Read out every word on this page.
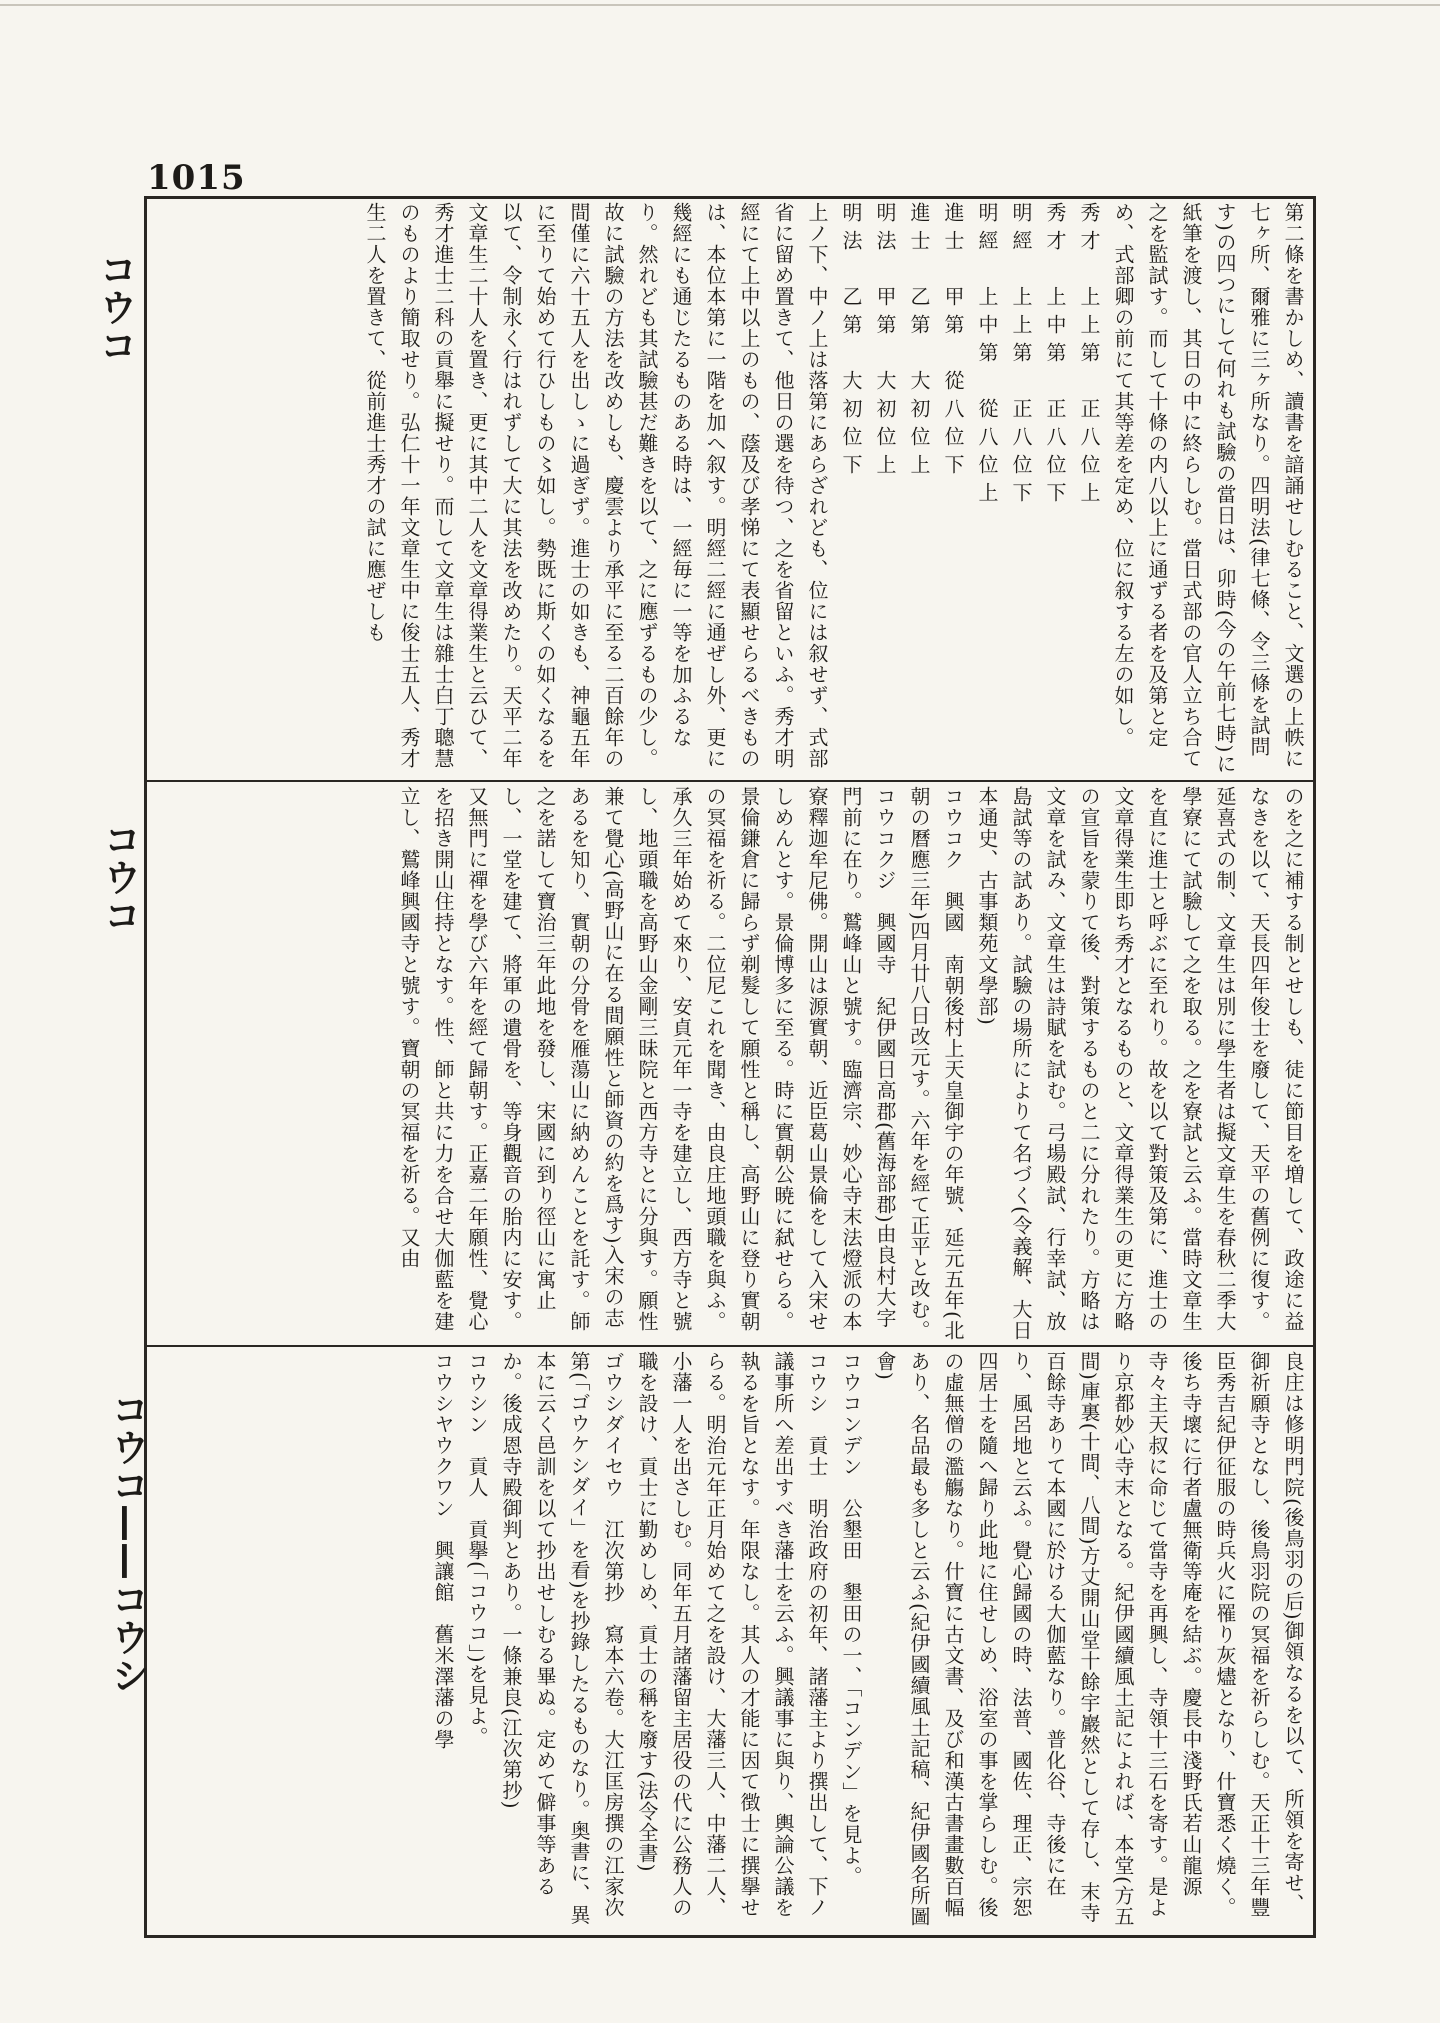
1015
コウコ
コウコ
コウコ——コウシ

第二條を書かしめ、讀書を諳誦せしむること、文選の上帙に七ヶ所、爾雅に三ヶ所なり。四明法(律七條、令三條を試問す)の四つにして何れも試驗の當日は、卯時(今の午前七時)に紙筆を渡し、其日の中に終らしむ。當日式部の官人立ち合て之を監試す。而して十條の内八以上に通ずる者を及第と定め、式部卿の前にて其等差を定め、位に叙する左の如し。

秀才　上上第　正八位上

秀才　上中第　正八位下

明經　上上第　正八位下

明經　上中第　從八位上

進士　甲第　從八位下

進士　乙第　大初位上

明法　甲第　大初位上

明法　乙第　大初位下

上ノ下、中ノ上は落第にあらざれども、位には叙せず、式部省に留め置きて、他日の選を待つ、之を省留といふ。秀才明經にて上中以上のもの、蔭及び孝悌にて表顯せらるべきものは、本位本第に一階を加へ叙す。明經二經に通ぜし外、更に幾經にも通じたるものある時は、一經毎に一等を加ふるなり。然れども其試驗甚だ難きを以て、之に應ずるもの少し。故に試驗の方法を改めしも、慶雲より承平に至る二百餘年の間僅に六十五人を出しゝに過ぎず。進士の如きも、神龜五年に至りて始めて行ひしもの〻如し。勢既に斯くの如くなるを以て、令制永く行はれずして大に其法を改めたり。天平二年文章生二十人を置き、更に其中二人を文章得業生と云ひて、秀才進士二科の貢舉に擬せり。而して文章生は雜士白丁聰慧のものより簡取せり。弘仁十一年文章生中に俊士五人、秀才生二人を置きて、從前進士秀才の試に應ぜしも

のを之に補する制とせしも、徒に節目を増して、政途に益なきを以て、天長四年俊士を廢して、天平の舊例に復す。延喜式の制、文章生は別に學生者は擬文章生を春秋二季大學寮にて試驗して之を取る。之を寮試と云ふ。當時文章生を直に進士と呼ぶに至れり。故を以て對策及第に、進士の文章得業生即ち秀才となるものと、文章得業生の更に方略の宣旨を蒙りて後、對策するものと二に分れたり。方略は文章を試み、文章生は詩賦を試む。弓場殿試、行幸試、放島試等の試あり。試驗の場所によりて名づく(令義解、大日本通史、古事類苑文學部)

コウコク　興國　南朝後村上天皇御宇の年號、延元五年(北朝の曆應三年)四月廿八日改元す。六年を經て正平と改む。

コウコクジ　興國寺　紀伊國日高郡(舊海部郡)由良村大字門前に在り。鷲峰山と號す。臨濟宗、妙心寺末法燈派の本寮釋迦牟尼佛。開山は源實朝、近臣葛山景倫をして入宋せしめんとす。景倫博多に至る。時に實朝公暁に弑せらる。景倫鎌倉に歸らず剃髮して願性と稱し、高野山に登り實朝の冥福を祈る。二位尼これを聞き、由良庄地頭職を與ふ。承久三年始めて來り、安貞元年一寺を建立し、西方寺と號し、地頭職を高野山金剛三昧院と西方寺とに分與す。願性兼て覺心(高野山に在る間願性と師資の約を爲す)入宋の志あるを知り、實朝の分骨を雁蕩山に納めんことを託す。師之を諾して寶治三年此地を發し、宋國に到り徑山に寓止し、一堂を建て、將軍の遺骨を、等身觀音の胎内に安す。又無門に禪を學び六年を經て歸朝す。正嘉二年願性、覺心を招き開山住持となす。性、師と共に力を合せ大伽藍を建立し、鷲峰興國寺と號す。寶朝の冥福を祈る。又由

良庄は修明門院(後鳥羽の后)御領なるを以て、所領を寄せ、御祈願寺となし、後鳥羽院の冥福を祈らしむ。天正十三年豐臣秀吉紀伊征服の時兵火に罹り灰燼となり、什寶悉く燒く。後ち寺壞に行者盧無衛等庵を結ぶ。慶長中淺野氏若山龍源寺々主天叔に命じて當寺を再興し、寺領十三石を寄す。是より京都妙心寺末となる。紀伊國續風土記によれば、本堂(方五間)庫裏(十間、八間)方丈開山堂十餘宇巖然として存し、末寺百餘寺ありて本國に於ける大伽藍なり。普化谷、寺後に在り、風呂地と云ふ。覺心歸國の時、法普、國佐、理正、宗恕四居士を隨へ歸り此地に住せしめ、浴室の事を掌らしむ。後の虛無僧の濫觴なり。什寶に古文書、及び和漢古書畫數百幅あり、名品最も多しと云ふ(紀伊國續風土記稿、紀伊國名所圖會)

コウコンデン　公墾田　墾田の一、「コンデン」を見よ。

コウシ　貢士　明治政府の初年、諸藩主より撰出して、下ノ議事所へ差出すべき藩士を云ふ。興議事に與り、輿論公議を執るを旨となす。年限なし。其人の才能に因て徴士に撰擧せらる。明治元年正月始めて之を設け、大藩三人、中藩二人、小藩一人を出さしむ。同年五月諸藩留主居役の代に公務人の職を設け、貢士に勤めしめ、貢士の稱を廢す(法令全書)

ゴウシダイセウ　江次第抄　寫本六卷。大江匡房撰の江家次第(「ゴウケシダイ」を看)を抄錄したるものなり。奥書に、異本に云く邑訓を以て抄出せしむる畢ぬ。定めて僻事等あるか。後成恩寺殿御判とあり。一條兼良(江次第抄)

コウシン　貢人　貢擧(「コウコ」)を見よ。

コウシヤウクワン　興讓館　舊米澤藩の學
